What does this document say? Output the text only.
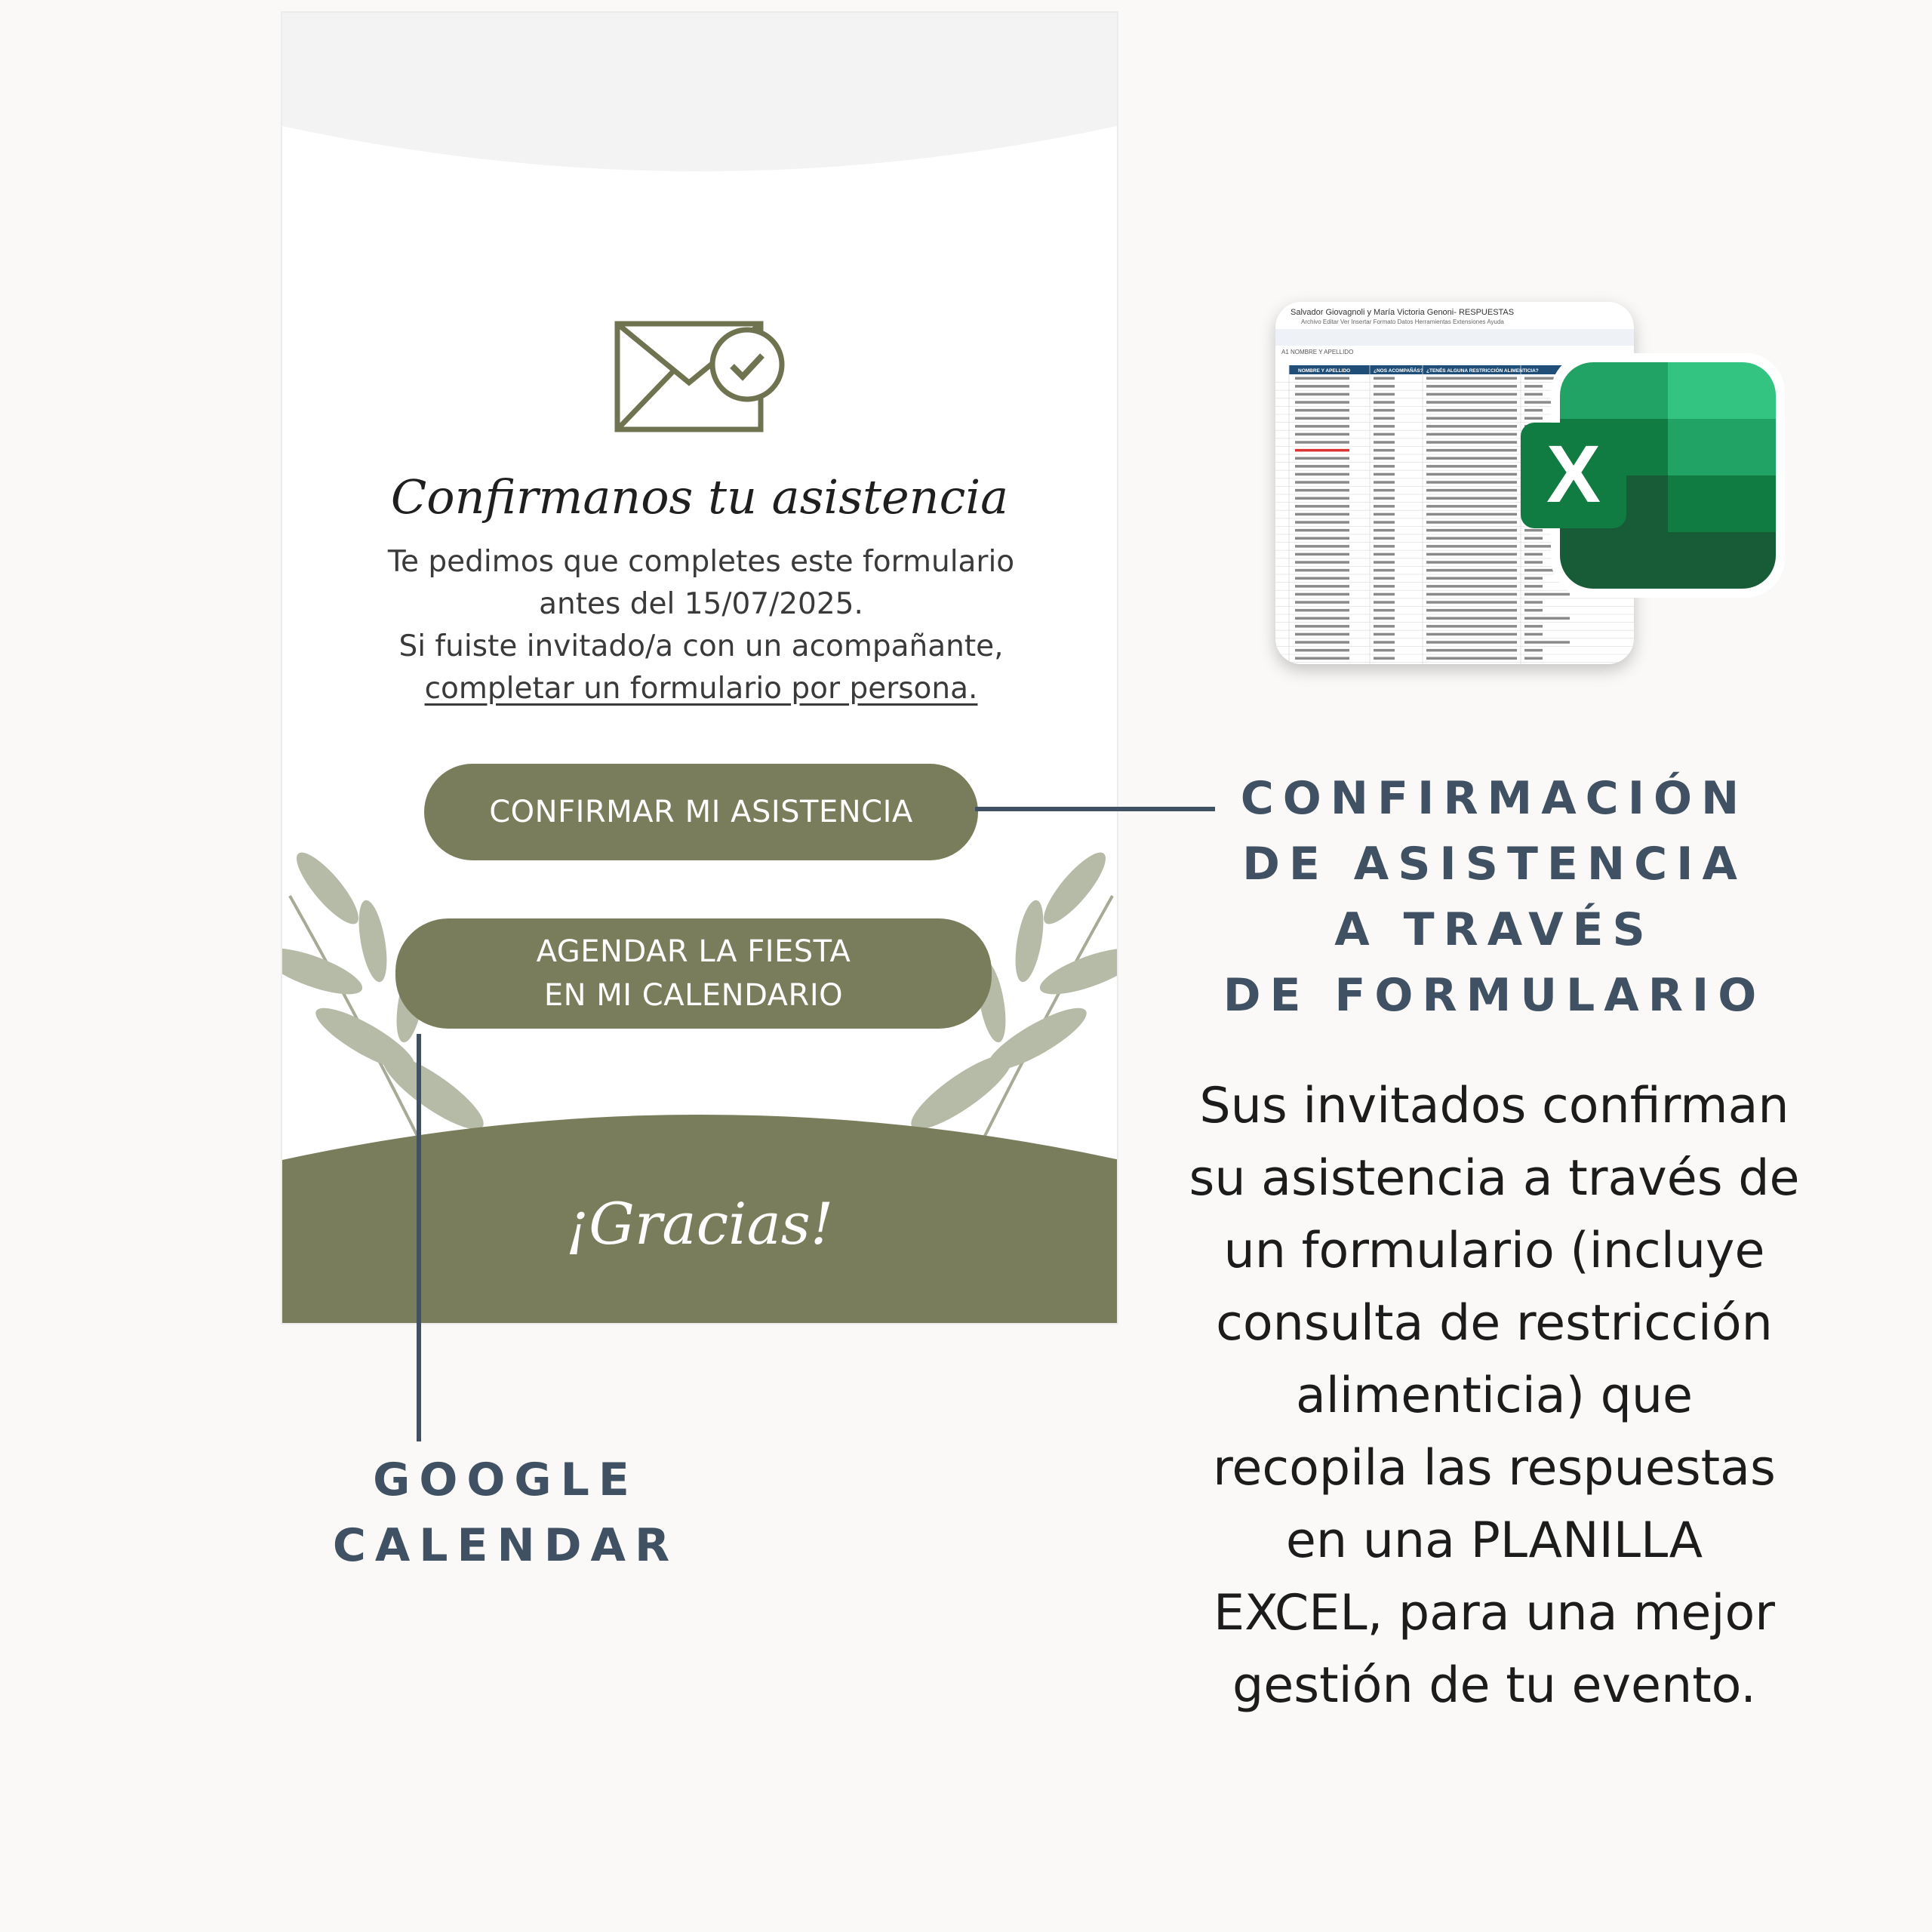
Confirmanos tu asistencia
Te pedimos que completes este formulario
antes del 15/07/2025.
Si fuiste invitado/a con un acompañante,
completar un formulario por persona.
CONFIRMAR MI ASISTENCIA
AGENDAR LA FIESTA
EN MI CALENDARIO
¡Gracias!
CONFIRMACIÓN
DE ASISTENCIA
A TRAVÉS
DE FORMULARIO
GOOGLE
CALENDAR
Sus invitados confirman
su asistencia a través de
un formulario (incluye
consulta de restricción
alimenticia) que
recopila las respuestas
en una PLANILLA
EXCEL, para una mejor
gestión de tu evento.
Salvador Giovagnoli y María Victoria Genoni- RESPUESTAS
Archivo Editar Ver Insertar Formato Datos Herramientas Extensiones Ayuda
A1 NOMBRE Y APELLIDO
NOMBRE Y APELLIDO	¿NOS ACOMPAÑÁS? ¿TENÉS ALGUNA RESTRICCIÓN ALIMENTICIA?
X
